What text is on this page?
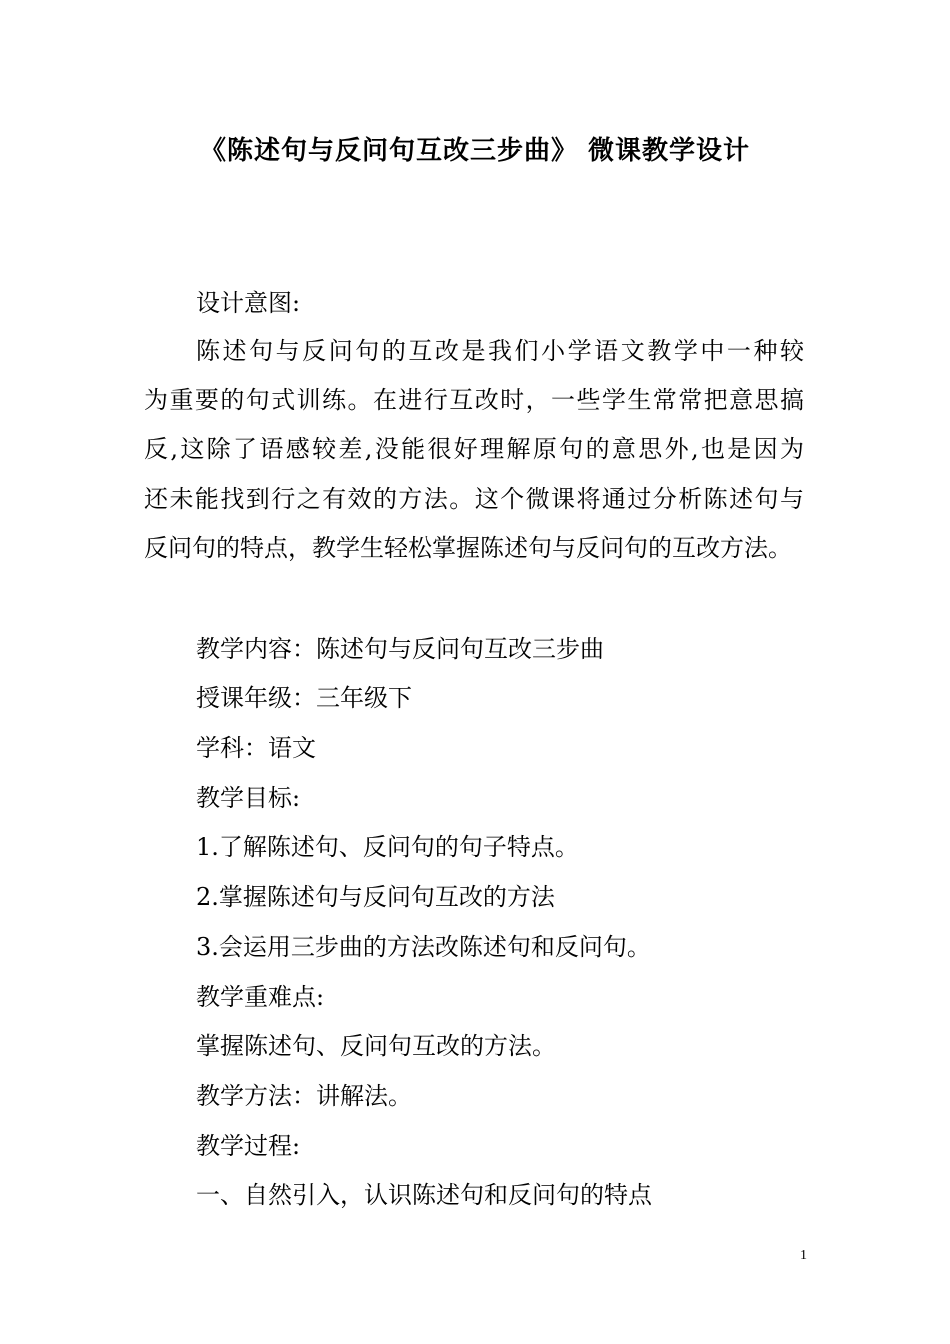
《陈述句与反问句互改三步曲》 微课教学设计
设计意图:
陈述句与反问句的互改是我们小学语文教学中一种较
为重要的句式训练。在进行互改时，一些学生常常把意思搞
反,这除了语感较差,没能很好理解原句的意思外,也是因为
还未能找到行之有效的方法。这个微课将通过分析陈述句与
反问句的特点，教学生轻松掌握陈述句与反问句的互改方法。
教学内容：陈述句与反问句互改三步曲
授课年级：三年级下
学科：语文
教学目标:
1.了解陈述句、反问句的句子特点。
2.掌握陈述句与反问句互改的方法
3.会运用三步曲的方法改陈述句和反问句。
教学重难点:
掌握陈述句、反问句互改的方法。
教学方法：讲解法。
教学过程:
一、自然引入，认识陈述句和反问句的特点
1
